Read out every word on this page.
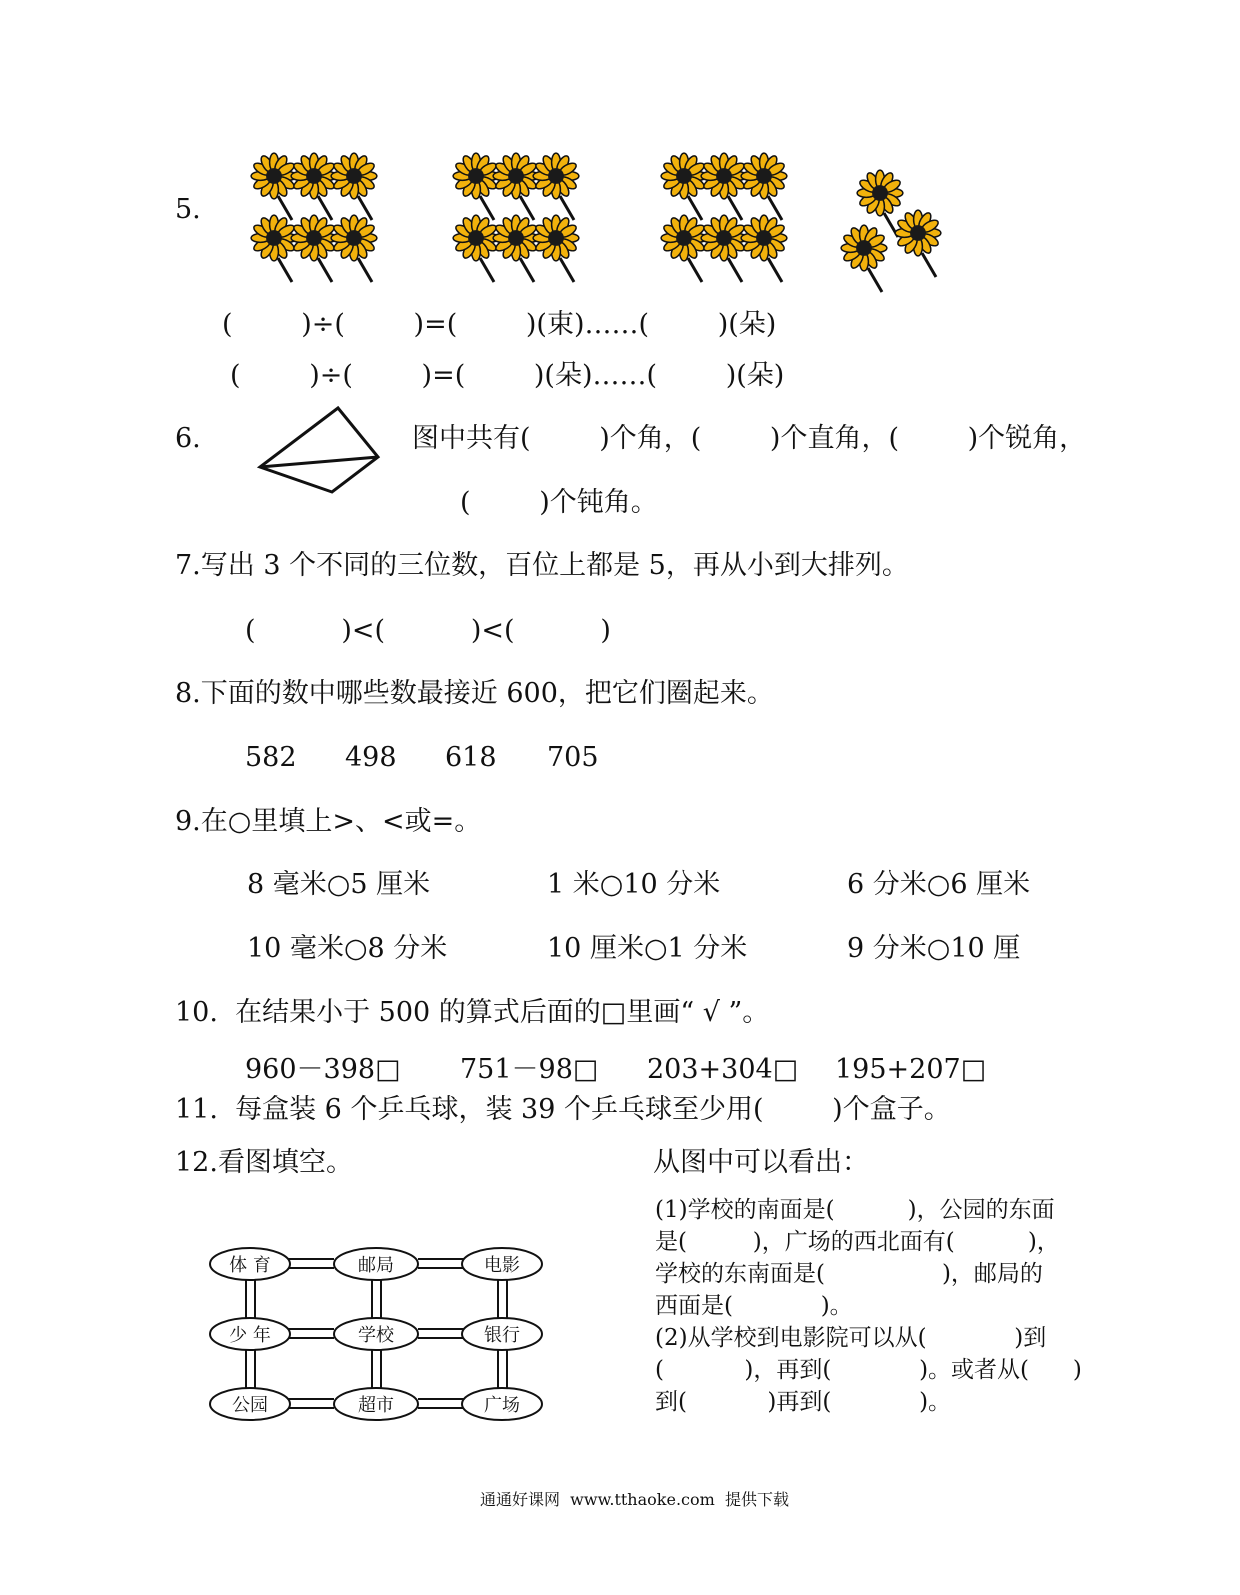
5.
(        )÷(        )=(        )(束)……(        )(朵)
(        )÷(        )=(        )(朵)……(        )(朵)
6.	图中共有(        )个角，(        )个直角，(        )个锐角，
(        )个钝角。
7.写出 3 个不同的三位数，百位上都是 5，再从小到大排列。
(          )<(          )<(          )
8.下面的数中哪些数最接近 600，把它们圈起来。
582 498 618 705
9.在○里填上>、<或=。
8 毫米○5 厘米	1 米○10 分米	6 分米○6 厘米
10 毫米○8 分米	10 厘米○1 分米	9 分米○10 厘
10.  在结果小于 500 的算式后面的□里画“ √ ”。
960－398□ 751－98□ 203+304□ 195+207□
11.  每盒装 6 个乒乓球，装 39 个乒乓球至少用(        )个盒子。
12.看图填空。	从图中可以看出：
(1)学校的南面是(          )，公园的东面
是(         )，广场的西北面有(          )，
学校的东南面是(                )，邮局的
西面是(            )。
(2)从学校到电影院可以从(            )到
(           )，再到(            )。或者从(      )
到(           )再到(            )。
体 育	邮局	电影
少 年	学校	银行
公园	超市	广场
通通好课网  www.tthaoke.com  提供下载
